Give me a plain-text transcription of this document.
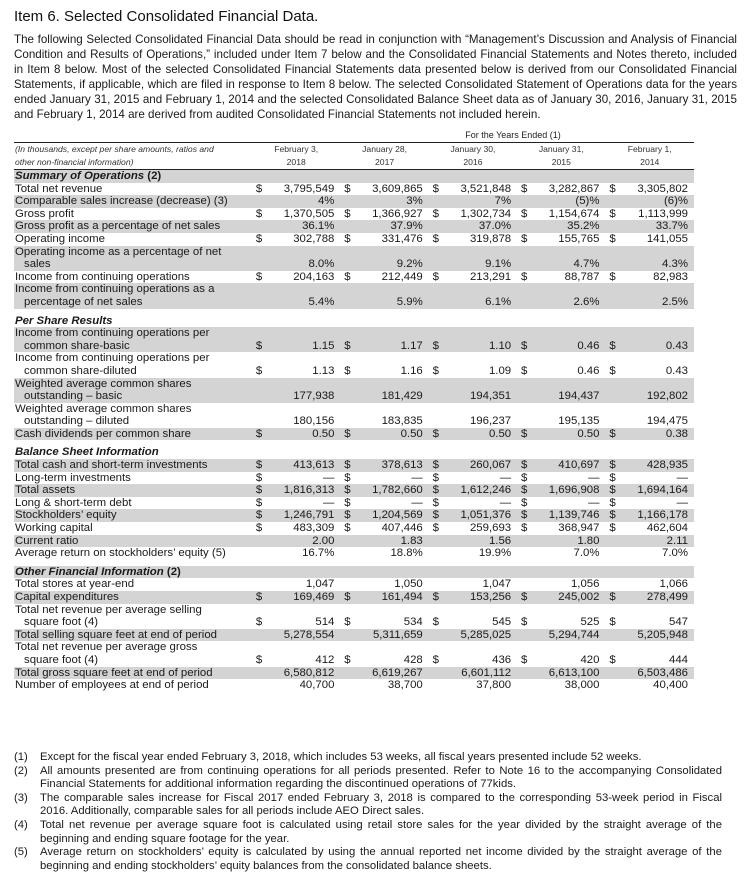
Item 6. Selected Consolidated Financial Data.

The following Selected Consolidated Financial Data should be read in conjunction with “Management’s Discussion and Analysis of Financial Condition and Results of Operations,” included under Item 7 below and the Consolidated Financial Statements and Notes thereto, included in Item 8 below. Most of the selected Consolidated Financial Statements data presented below is derived from our Consolidated Financial Statements, if applicable, which are filed in response to Item 8 below. The selected Consolidated Statement of Operations data for the years ended January 31, 2015 and February 1, 2014 and the selected Consolidated Balance Sheet data as of January 30, 2016, January 31, 2015 and February 1, 2014 are derived from audited Consolidated Financial Statements not included herein.

For the Years Ended (1)
(In thousands, except per share amounts, ratios and	February 3,		January 28,		January 30,		January 31,		February 1,	
other non-financial information)	2018		2017		2016		2015		2014	
Summary of Operations (2)										
Total net revenue	$	3,795,549	$	3,609,865	$	3,521,848	$	3,282,867	$	3,305,802
Comparable sales increase (decrease) (3)		4%		3%		7%		(5)%		(6)%
Gross profit	$	1,370,505	$	1,366,927	$	1,302,734	$	1,154,674	$	1,113,999
Gross profit as a percentage of net sales		36.1%		37.9%		37.0%		35.2%		33.7%
Operating income	$	302,788	$	331,476	$	319,878	$	155,765	$	141,055
Operating income as a percentage of net										
sales		8.0%		9.2%		9.1%		4.7%		4.3%
Income from continuing operations	$	204,163	$	212,449	$	213,291	$	88,787	$	82,983
Income from continuing operations as a										
percentage of net sales		5.4%		5.9%		6.1%		2.6%		2.5%

Per Share Results										
Income from continuing operations per										
common share-basic	$	1.15	$	1.17	$	1.10	$	0.46	$	0.43
Income from continuing operations per										
common share-diluted	$	1.13	$	1.16	$	1.09	$	0.46	$	0.43
Weighted average common shares										
outstanding – basic		177,938		181,429		194,351		194,437		192,802
Weighted average common shares										
outstanding – diluted		180,156		183,835		196,237		195,135		194,475
Cash dividends per common share	$	0.50	$	0.50	$	0.50	$	0.50	$	0.38

Balance Sheet Information										
Total cash and short-term investments	$	413,613	$	378,613	$	260,067	$	410,697	$	428,935
Long-term investments	$	—	$	—	$	—	$	—	$	—
Total assets	$	1,816,313	$	1,782,660	$	1,612,246	$	1,696,908	$	1,694,164
Long & short-term debt	$	—	$	—	$	—	$	—	$	—
Stockholders’ equity	$	1,246,791	$	1,204,569	$	1,051,376	$	1,139,746	$	1,166,178
Working capital	$	483,309	$	407,446	$	259,693	$	368,947	$	462,604
Current ratio		2.00		1.83		1.56		1.80		2.11
Average return on stockholders’ equity (5)		16.7%		18.8%		19.9%		7.0%		7.0%

Other Financial Information (2)										
Total stores at year-end		1,047		1,050		1,047		1,056		1,066
Capital expenditures	$	169,469	$	161,494	$	153,256	$	245,002	$	278,499
Total net revenue per average selling										
square foot (4)	$	514	$	534	$	545	$	525	$	547
Total selling square feet at end of period		5,278,554		5,311,659		5,285,025		5,294,744		5,205,948
Total net revenue per average gross										
square foot (4)	$	412	$	428	$	436	$	420	$	444
Total gross square feet at end of period		6,580,812		6,619,267		6,601,112		6,613,100		6,503,486
Number of employees at end of period		40,700		38,700		37,800		38,000		40,400
(1)	Except for the fiscal year ended February 3, 2018, which includes 53 weeks, all fiscal years presented include 52 weeks.
(2)	All amounts presented are from continuing operations for all periods presented. Refer to Note 16 to the accompanying Consolidated Financial Statements for additional information regarding the discontinued operations of 77kids.
(3)	The comparable sales increase for Fiscal 2017 ended February 3, 2018 is compared to the corresponding 53-week period in Fiscal 2016. Additionally, comparable sales for all periods include AEO Direct sales.
(4)	Total net revenue per average square foot is calculated using retail store sales for the year divided by the straight average of the beginning and ending square footage for the year.
(5)	Average return on stockholders’ equity is calculated by using the annual reported net income divided by the straight average of the beginning and ending stockholders’ equity balances from the consolidated balance sheets.
